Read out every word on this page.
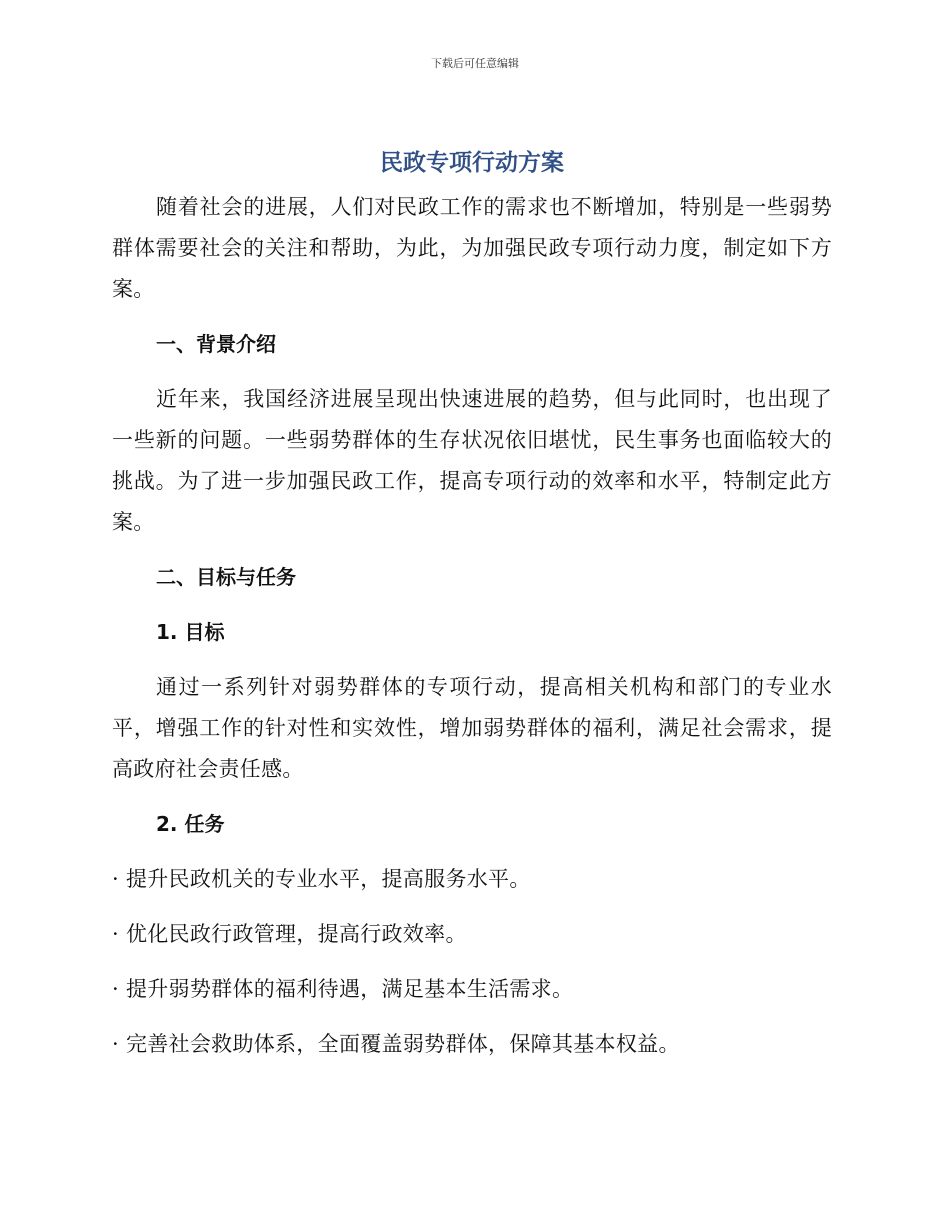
下载后可任意编辑
民政专项行动方案

随着社会的进展，人们对民政工作的需求也不断增加，特别是一些弱势群体需要社会的关注和帮助，为此，为加强民政专项行动力度，制定如下方案。

一、背景介绍

近年来，我国经济进展呈现出快速进展的趋势，但与此同时，也出现了一些新的问题。一些弱势群体的生存状况依旧堪忧，民生事务也面临较大的挑战。为了进一步加强民政工作，提高专项行动的效率和水平，特制定此方案。

二、目标与任务
1. 目标

通过一系列针对弱势群体的专项行动，提高相关机构和部门的专业水平，增强工作的针对性和实效性，增加弱势群体的福利，满足社会需求，提高政府社会责任感。

2. 任务
· 提升民政机关的专业水平，提高服务水平。
· 优化民政行政管理，提高行政效率。
· 提升弱势群体的福利待遇，满足基本生活需求。
· 完善社会救助体系，全面覆盖弱势群体，保障其基本权益。
